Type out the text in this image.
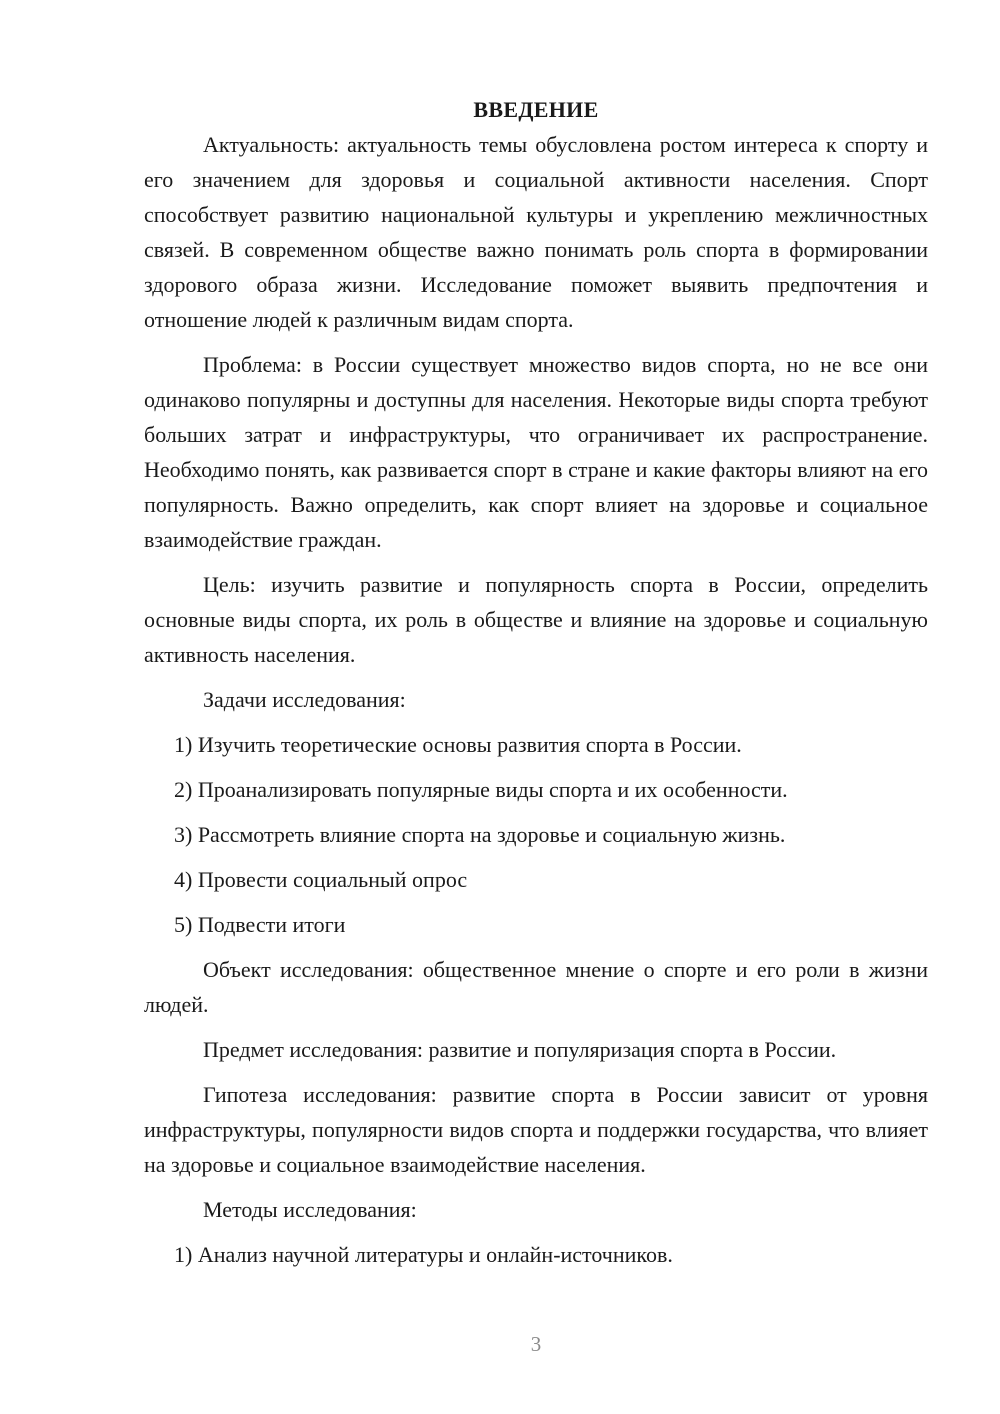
ВВЕДЕНИЕ

Актуальность: актуальность темы обусловлена ростом интереса к спорту и его значением для здоровья и социальной активности населения. Спорт способствует развитию национальной культуры и укреплению межличностных связей. В современном обществе важно понимать роль спорта в формировании здорового образа жизни. Исследование поможет выявить предпочтения и отношение людей к различным видам спорта.

Проблема: в России существует множество видов спорта, но не все они одинаково популярны и доступны для населения. Некоторые виды спорта требуют больших затрат и инфраструктуры, что ограничивает их распространение. Необходимо понять, как развивается спорт в стране и какие факторы влияют на его популярность. Важно определить, как спорт влияет на здоровье и социальное взаимодействие граждан.

Цель: изучить развитие и популярность спорта в России, определить основные виды спорта, их роль в обществе и влияние на здоровье и социальную активность населения.

Задачи исследования:

1) Изучить теоретические основы развития спорта в России.

2) Проанализировать популярные виды спорта и их особенности.

3) Рассмотреть влияние спорта на здоровье и социальную жизнь.

4) Провести социальный опрос

5) Подвести итоги

Объект исследования: общественное мнение о спорте и его роли в жизни людей.

Предмет исследования: развитие и популяризация спорта в России.

Гипотеза исследования: развитие спорта в России зависит от уровня инфраструктуры, популярности видов спорта и поддержки государства, что влияет на здоровье и социальное взаимодействие населения.

Методы исследования:

1) Анализ научной литературы и онлайн-источников.

3
